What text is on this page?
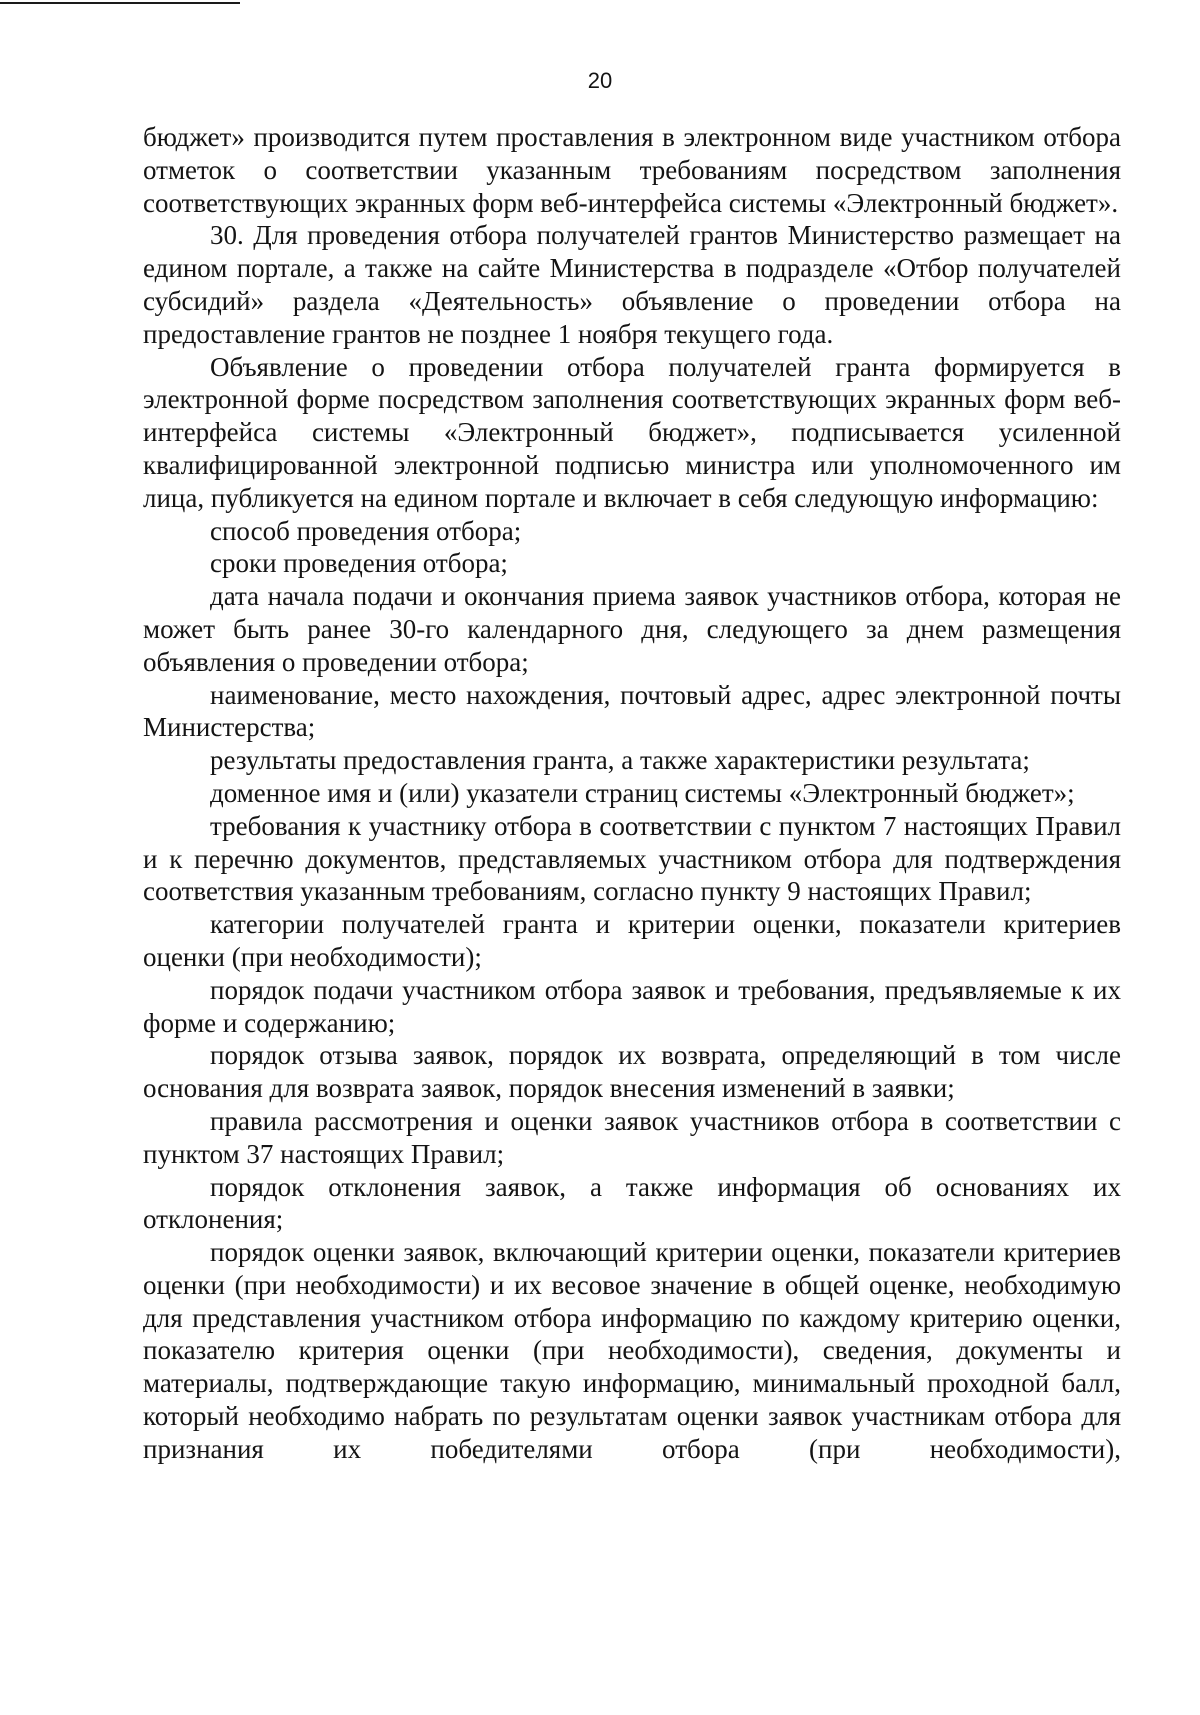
20

бюджет» производится путем проставления в электронном виде участником отбора отметок о соответствии указанным требованиям посредством заполнения соответствующих экранных форм веб-интерфейса системы «Электронный бюджет».

30. Для проведения отбора получателей грантов Министерство размещает на едином портале, а также на сайте Министерства в подразделе «Отбор получателей субсидий» раздела «Деятельность» объявление о проведении отбора на предоставление грантов не позднее 1 ноября текущего года.

Объявление о проведении отбора получателей гранта формируется в электронной форме посредством заполнения соответствующих экранных форм веб-интерфейса системы «Электронный бюджет», подписывается усиленной квалифицированной электронной подписью министра или уполномоченного им лица, публикуется на едином портале и включает в себя следующую информацию:

способ проведения отбора;

сроки проведения отбора;

дата начала подачи и окончания приема заявок участников отбора, которая не может быть ранее 30-го календарного дня, следующего за днем размещения объявления о проведении отбора;

наименование, место нахождения, почтовый адрес, адрес электронной почты Министерства;

результаты предоставления гранта, а также характеристики результата;

доменное имя и (или) указатели страниц системы «Электронный бюджет»;

требования к участнику отбора в соответствии с пунктом 7 настоящих Правил и к перечню документов, представляемых участником отбора для подтверждения соответствия указанным требованиям, согласно пункту 9 настоящих Правил;

категории получателей гранта и критерии оценки, показатели критериев оценки (при необходимости);

порядок подачи участником отбора заявок и требования, предъявляемые к их форме и содержанию;

порядок отзыва заявок, порядок их возврата, определяющий в том числе основания для возврата заявок, порядок внесения изменений в заявки;

правила рассмотрения и оценки заявок участников отбора в соответствии с пунктом 37 настоящих Правил;

порядок отклонения заявок, а также информация об основаниях их отклонения;

порядок оценки заявок, включающий критерии оценки, показатели критериев оценки (при необходимости) и их весовое значение в общей оценке, необходимую для представления участником отбора информацию по каждому критерию оценки, показателю критерия оценки (при необходимости), сведения, документы и материалы, подтверждающие такую информацию, минимальный проходной балл, который необходимо набрать по результатам оценки заявок участникам отбора для признания их победителями отбора (при необходимости),
